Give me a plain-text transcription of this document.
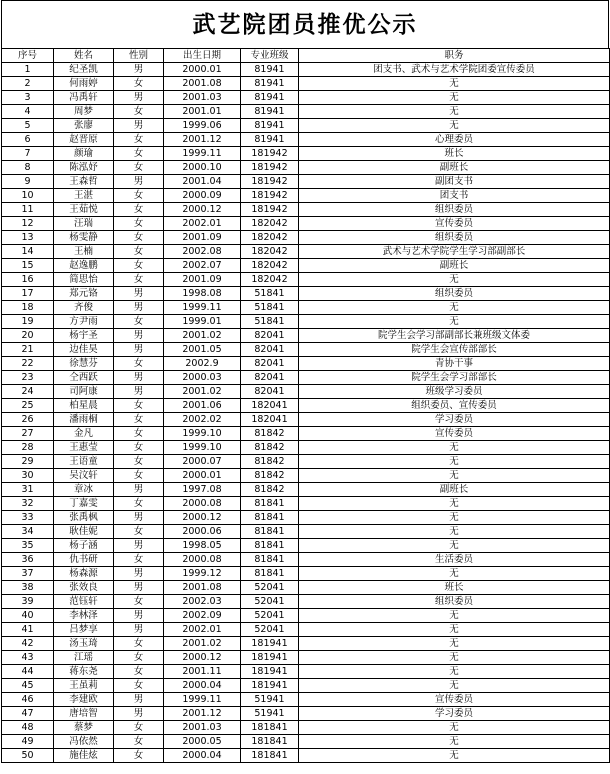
武艺院团员推优公示
序号	姓名	性别	出生日期	专业班级	职务
1	纪圣凯	男	2000.01	81941	团支书、武术与艺术学院团委宣传委员
2	何雨婷	女	2001.08	81941	无
3	冯禹轩	男	2001.03	81941	无
4	周梦	女	2001.01	81941	无
5	张廖	男	1999.06	81941	无
6	赵晋原	女	2001.12	81941	心理委员
7	颜瑜	女	1999.11	181942	班长
8	陈泓妤	女	2000.10	181942	副班长
9	王森哲	男	2001.04	181942	副团支书
10	王湛	女	2000.09	181942	团支书
11	王茹悦	女	2000.12	181942	组织委员
12	汪瑞	女	2002.01	182042	宣传委员
13	杨雯静	女	2001.09	182042	组织委员
14	王楠	女	2002.08	182042	武术与艺术学院学生学习部副部长
15	赵逸鹏	女	2002.07	182042	副班长
16	简思怡	女	2001.09	182042	无
17	郑元铬	男	1998.08	51841	组织委员
18	齐俊	男	1999.11	51841	无
19	方尹雨	女	1999.01	51841	无
20	杨宇圣	男	2001.02	82041	院学生会学习部副部长兼班级文体委
21	边佳昊	男	2001.05	82041	院学生会宣传部部长
22	徐慧芬	女	2002.9	82041	青协干事
23	仝西跃	男	2000.03	82041	院学生会学习部部长
24	司阿康	男	2001.02	82041	班级学习委员
25	柏星晨	女	2001.06	182041	组织委员、宣传委员
26	潘雨桐	女	2002.02	182041	学习委员
27	金凡	女	1999.10	81842	宣传委员
28	王惠莹	女	1999.10	81842	无
29	王语童	女	2000.07	81842	无
30	吴汶轩	女	2000.01	81842	无
31	章冰	男	1997.08	81842	副班长
32	丁嘉雯	女	2000.08	81841	无
33	张禹枫	男	2000.12	81841	无
34	耿佳妮	女	2000.06	81841	无
35	杨子涵	男	1998.05	81841	无
36	仇书研	女	2000.08	81841	生活委员
37	杨森源	男	1999.12	81841	无
38	张效良	男	2001.08	52041	班长
39	范钰轩	女	2002.03	52041	组织委员
40	李林泽	男	2002.09	52041	无
41	吕梦享	男	2002.01	52041	无
42	汤玉琦	女	2001.02	181941	无
43	江瑶	女	2000.12	181941	无
44	蒋东尧	女	2001.11	181941	无
45	王虽莉	女	2000.04	181941	无
46	李建欧	男	1999.11	51941	宣传委员
47	唐培智	男	2001.12	51941	学习委员
48	蔡梦	女	2001.03	181841	无
49	冯依然	女	2000.05	181841	无
50	施佳炫	女	2000.04	181841	无
